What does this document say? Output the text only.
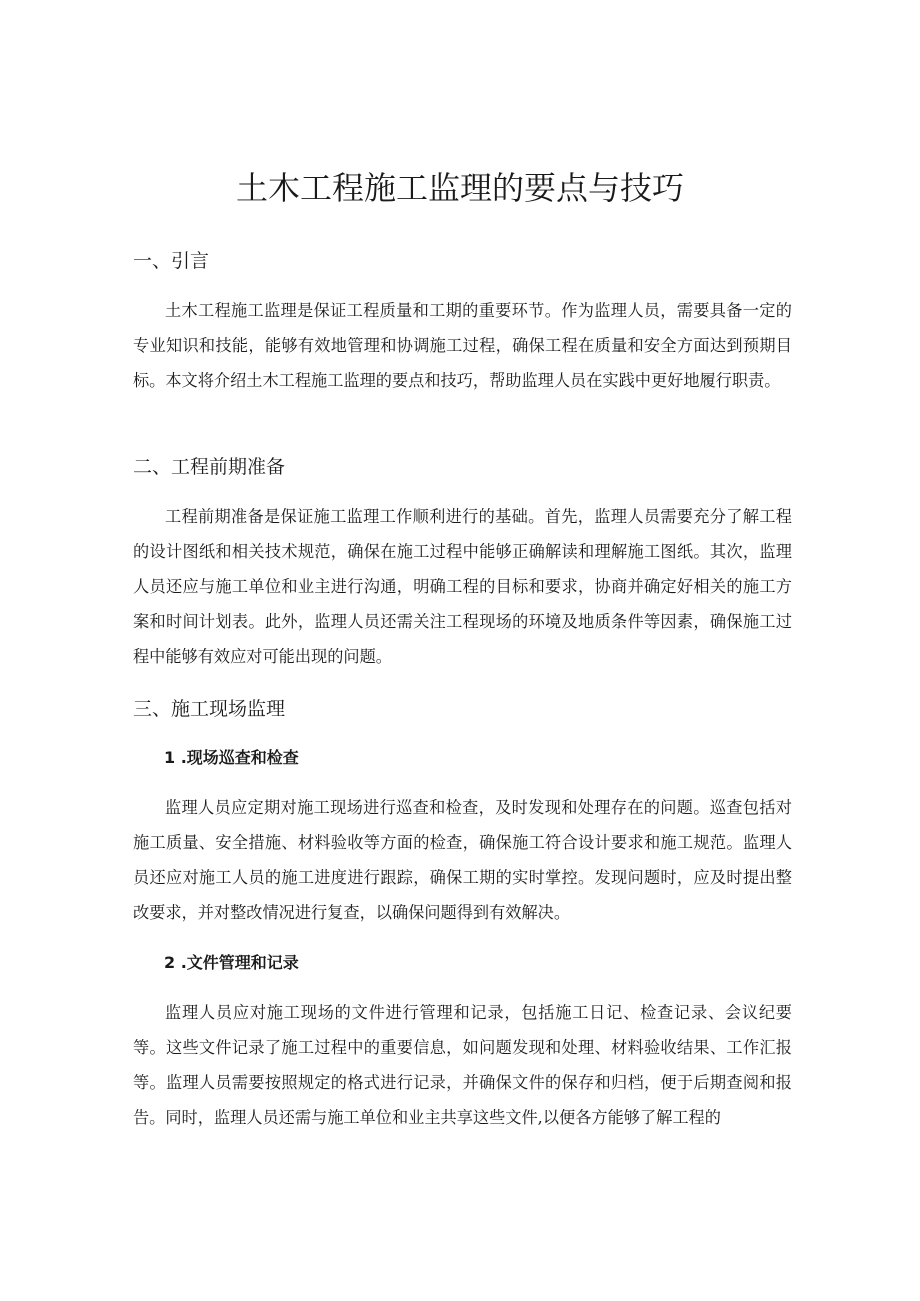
土木工程施工监理的要点与技巧
一、引言

土木工程施工监理是保证工程质量和工期的重要环节。作为监理人员，需要具备一定的专业知识和技能，能够有效地管理和协调施工过程，确保工程在质量和安全方面达到预期目标。本文将介绍土木工程施工监理的要点和技巧，帮助监理人员在实践中更好地履行职责。

二、工程前期准备

工程前期准备是保证施工监理工作顺利进行的基础。首先，监理人员需要充分了解工程的设计图纸和相关技术规范，确保在施工过程中能够正确解读和理解施工图纸。其次，监理人员还应与施工单位和业主进行沟通，明确工程的目标和要求，协商并确定好相关的施工方案和时间计划表。此外，监理人员还需关注工程现场的环境及地质条件等因素，确保施工过程中能够有效应对可能出现的问题。

三、施工现场监理
1 .现场巡查和检查

监理人员应定期对施工现场进行巡查和检查，及时发现和处理存在的问题。巡查包括对施工质量、安全措施、材料验收等方面的检查，确保施工符合设计要求和施工规范。监理人员还应对施工人员的施工进度进行跟踪，确保工期的实时掌控。发现问题时，应及时提出整改要求，并对整改情况进行复查，以确保问题得到有效解决。

2 .文件管理和记录

监理人员应对施工现场的文件进行管理和记录，包括施工日记、检查记录、会议纪要等。这些文件记录了施工过程中的重要信息，如问题发现和处理、材料验收结果、工作汇报等。监理人员需要按照规定的格式进行记录，并确保文件的保存和归档，便于后期查阅和报告。同时，监理人员还需与施工单位和业主共享这些文件,以便各方能够了解工程的
